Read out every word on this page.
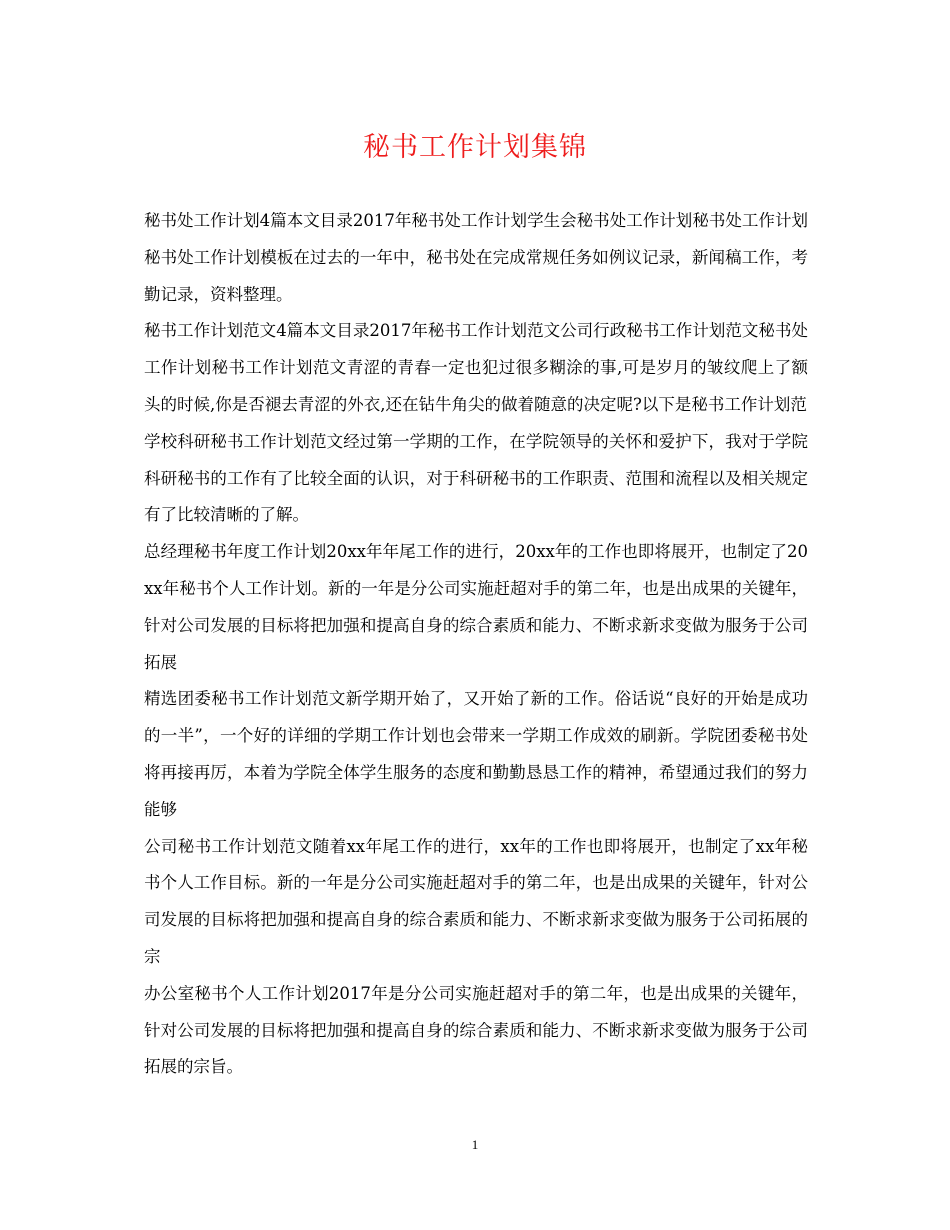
秘书工作计划集锦

秘书处工作计划4篇本文目录2017年秘书处工作计划学生会秘书处工作计划秘书处工作计划秘书处工作计划模板在过去的一年中，秘书处在完成常规任务如例议记录，新闻稿工作，考勤记录，资料整理。

秘书工作计划范文4篇本文目录2017年秘书工作计划范文公司行政秘书工作计划范文秘书处工作计划秘书工作计划范文青涩的青春一定也犯过很多糊涂的事,可是岁月的皱纹爬上了额头的时候,你是否褪去青涩的外衣,还在钻牛角尖的做着随意的决定呢?以下是秘书工作计划范

学校科研秘书工作计划范文经过第一学期的工作，在学院领导的关怀和爱护下，我对于学院科研秘书的工作有了比较全面的认识，对于科研秘书的工作职责、范围和流程以及相关规定有了比较清晰的了解。

总经理秘书年度工作计划20xx年年尾工作的进行，20xx年的工作也即将展开，也制定了20xx年秘书个人工作计划。新的一年是分公司实施赶超对手的第二年，也是出成果的关键年，针对公司发展的目标将把加强和提高自身的综合素质和能力、不断求新求变做为服务于公司拓展

精选团委秘书工作计划范文新学期开始了，又开始了新的工作。俗话说“良好的开始是成功的一半”，一个好的详细的学期工作计划也会带来一学期工作成效的刷新。学院团委秘书处将再接再厉，本着为学院全体学生服务的态度和勤勤恳恳工作的精神，希望通过我们的努力能够

公司秘书工作计划范文随着xx年尾工作的进行，xx年的工作也即将展开，也制定了xx年秘书个人工作目标。新的一年是分公司实施赶超对手的第二年，也是出成果的关键年，针对公司发展的目标将把加强和提高自身的综合素质和能力、不断求新求变做为服务于公司拓展的宗

办公室秘书个人工作计划2017年是分公司实施赶超对手的第二年，也是出成果的关键年，针对公司发展的目标将把加强和提高自身的综合素质和能力、不断求新求变做为服务于公司拓展的宗旨。

1
